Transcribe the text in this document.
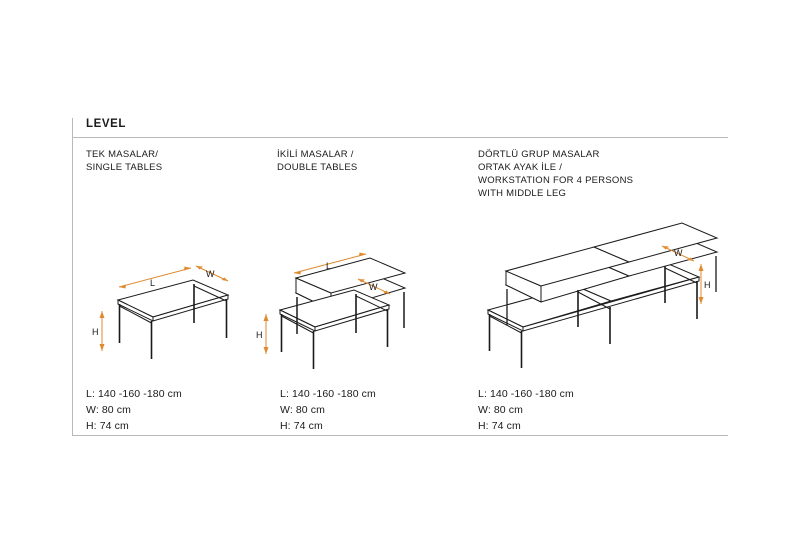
LEVEL
TEK MASALAR/
SINGLE TABLES
İKİLİ MASALAR /
DOUBLE TABLES
DÖRTLÜ GRUP MASALAR
ORTAK AYAK İLE /
WORKSTATION FOR 4 PERSONS
WITH MIDDLE LEG
L
W
H
L
W
H
W
H
L: 140 -160 -180 cm
W: 80 cm
H: 74 cm
L: 140 -160 -180 cm
W: 80 cm
H: 74 cm
L: 140 -160 -180 cm
W: 80 cm
H: 74 cm
